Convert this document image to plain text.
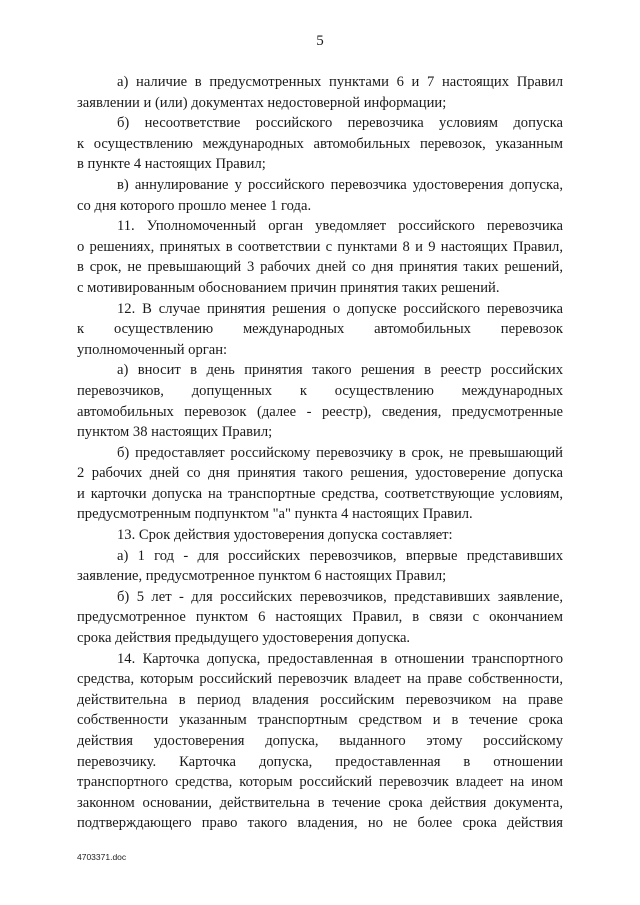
5
а) наличие в предусмотренных пунктами 6 и 7 настоящих Правил
заявлении и (или) документах недостоверной информации;
б) несоответствие российского перевозчика условиям допуска
к осуществлению международных автомобильных перевозок, указанным
в пункте 4 настоящих Правил;
в) аннулирование у российского перевозчика удостоверения допуска,
со дня которого прошло менее 1 года.
11. Уполномоченный орган уведомляет российского перевозчика
о решениях, принятых в соответствии с пунктами 8 и 9 настоящих Правил,
в срок, не превышающий 3 рабочих дней со дня принятия таких решений,
с мотивированным обоснованием причин принятия таких решений.
12. В случае принятия решения о допуске российского перевозчика
к осуществлению международных автомобильных перевозок
уполномоченный орган:
а) вносит в день принятия такого решения в реестр российских
перевозчиков, допущенных к осуществлению международных
автомобильных перевозок (далее - реестр), сведения, предусмотренные
пунктом 38 настоящих Правил;
б) предоставляет российскому перевозчику в срок, не превышающий
2 рабочих дней со дня принятия такого решения, удостоверение допуска
и карточки допуска на транспортные средства, соответствующие условиям,
предусмотренным подпунктом "а" пункта 4 настоящих Правил.
13. Срок действия удостоверения допуска составляет:
а) 1 год - для российских перевозчиков, впервые представивших
заявление, предусмотренное пунктом 6 настоящих Правил;
б) 5 лет - для российских перевозчиков, представивших заявление,
предусмотренное пунктом 6 настоящих Правил, в связи с окончанием
срока действия предыдущего удостоверения допуска.
14. Карточка допуска, предоставленная в отношении транспортного
средства, которым российский перевозчик владеет на праве собственности,
действительна в период владения российским перевозчиком на праве
собственности указанным транспортным средством и в течение срока
действия удостоверения допуска, выданного этому российскому
перевозчику. Карточка допуска, предоставленная в отношении
транспортного средства, которым российский перевозчик владеет на ином
законном основании, действительна в течение срока действия документа,
подтверждающего право такого владения, но не более срока действия
4703371.doc
